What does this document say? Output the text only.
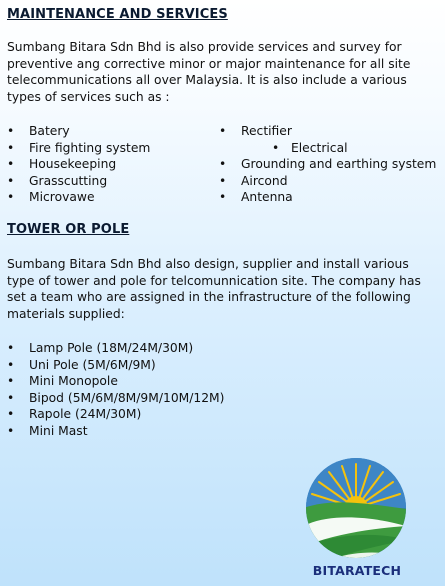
MAINTENANCE AND SERVICES
Sumbang Bitara Sdn Bhd is also provide services and survey for preventive ang corrective minor or major maintenance for all site telecommunications all over Malaysia. It is also include a various types of services such as :
• Batery
• Fire fighting system
• Housekeeping
• Grasscutting
• Microvawe
• Rectifier
• Electrical
• Grounding and earthing system
• Aircond
• Antenna
TOWER OR POLE
Sumbang Bitara Sdn Bhd also design, supplier and install various type of tower and pole for telcomunnication site. The company has set a team who are assigned in the infrastructure of the following materials supplied:
• Lamp Pole (18M/24M/30M)
• Uni Pole (5M/6M/9M)
• Mini Monopole
• Bipod (5M/6M/8M/9M/10M/12M)
• Rapole (24M/30M)
• Mini Mast
BITARATECH
